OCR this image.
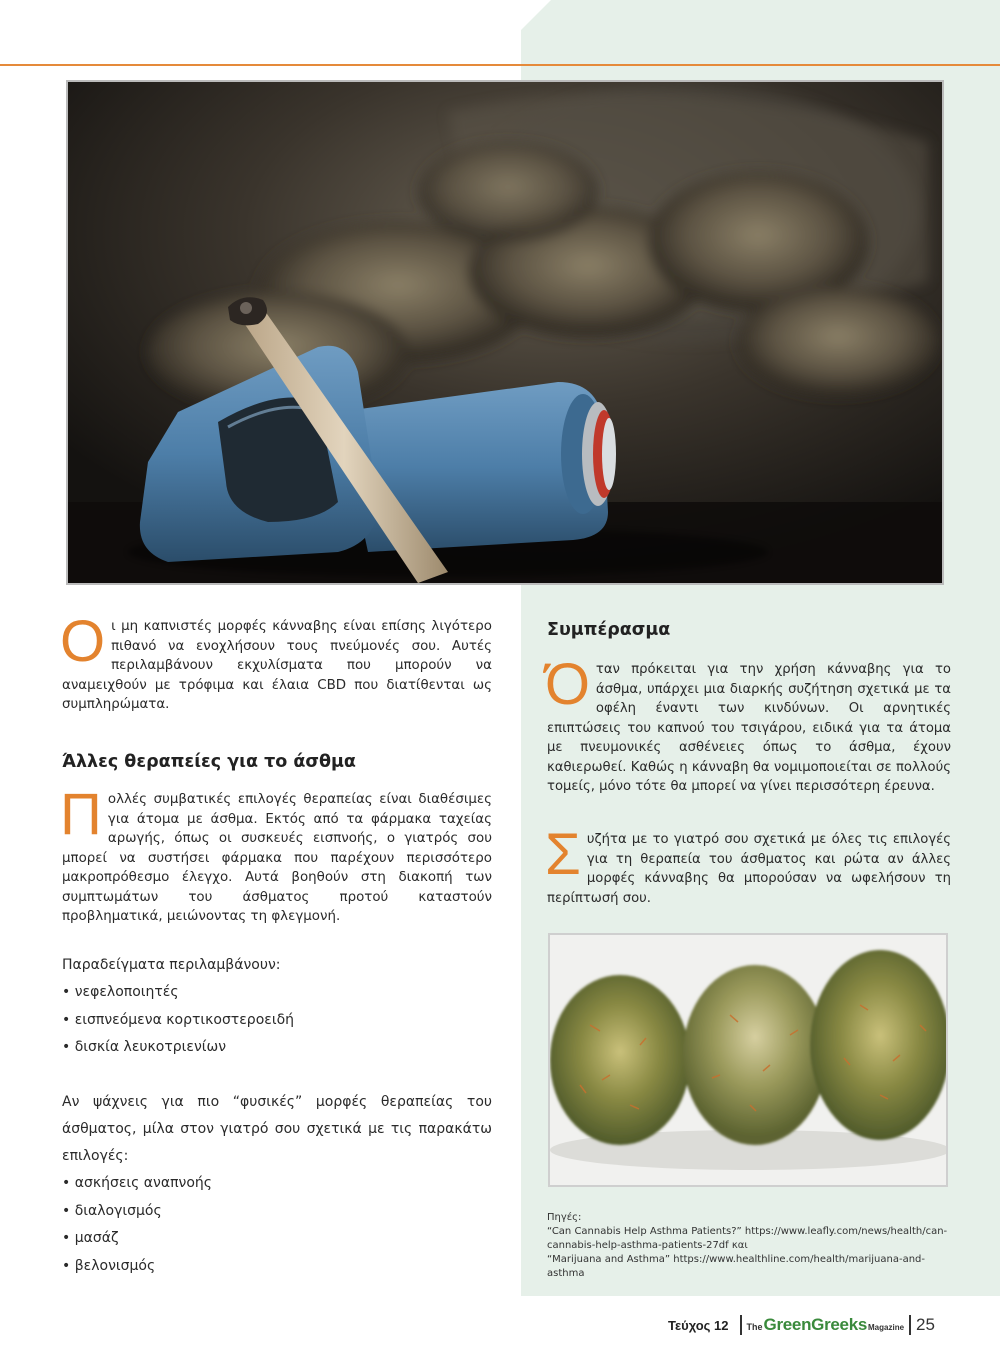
Οι μη καπνιστές μορφές κάνναβης είναι επίσης λιγότερο πιθανό να ενοχλήσουν τους πνεύμονές σου. Αυτές περιλαμβάνουν εκχυλίσματα που μπορούν να αναμειχθούν με τρόφιμα και έλαια CBD που διατίθενται ως συμπληρώματα.

Άλλες θεραπείες για το άσθμα

Πολλές συμβατικές επιλογές θεραπείας είναι διαθέσιμες για άτομα με άσθμα. Εκτός από τα φάρμακα ταχείας αρωγής, όπως οι συσκευές εισπνοής, ο γιατρός σου μπορεί να συστήσει φάρμακα που παρέχουν περισσότερο μακροπρόθεσμο έλεγχο. Αυτά βοηθούν στη διακοπή των συμπτωμάτων του άσθματος προτού καταστούν προβληματικά, μειώνοντας τη φλεγμονή.

Παραδείγματα περιλαμβάνουν:

• νεφελοποιητές
• εισπνεόμενα κορτικοστεροειδή
• δισκία λευκοτριενίων

Αν ψάχνεις για πιο “φυσικές” μορφές θεραπείας του άσθματος, μίλα στον γιατρό σου σχετικά με τις παρακάτω επιλογές:

• ασκήσεις αναπνοής
• διαλογισμός
• μασάζ
• βελονισμός
Συμπέρασμα

Όταν πρόκειται για την χρήση κάνναβης για το άσθμα, υπάρχει μια διαρκής συζήτηση σχετικά με τα οφέλη έναντι των κινδύνων. Οι αρνητικές επιπτώσεις του καπνού του τσιγάρου, ειδικά για τα άτομα με πνευμονικές ασθένειες όπως το άσθμα, έχουν καθιερωθεί. Καθώς η κάνναβη θα νομιμοποιείται σε πολλούς τομείς, μόνο τότε θα μπορεί να γίνει περισσότερη έρευνα.

Συζήτα με το γιατρό σου σχετικά με όλες τις επιλογές για τη θεραπεία του άσθματος και ρώτα αν άλλες μορφές κάνναβης θα μπορούσαν να ωφελήσουν τη περίπτωσή σου.

Πηγές:

“Can Cannabis Help Asthma Patients?” https://www.leafly.com/news/health/can-cannabis-help-asthma-patients-27df και

“Marijuana and Asthma” https://www.healthline.com/health/marijuana-and-asthma

Τεύχος 12 The GreenGreeks Magazine 25
